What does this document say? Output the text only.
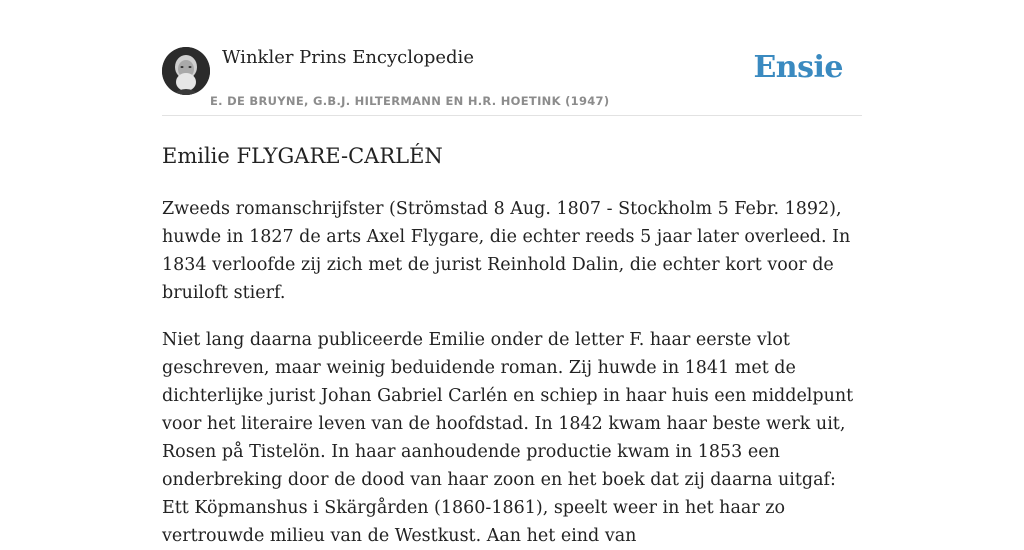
Winkler Prins Encyclopedie
E. DE BRUYNE, G.B.J. HILTERMANN EN H.R. HOETINK (1947)
Ensie
Emilie FLYGARE-CARLÉN

Zweeds romanschrijfster (Strömstad 8 Aug. 1807 - Stockholm 5 Febr. 1892), huwde in 1827 de arts Axel Flygare, die echter reeds 5 jaar later overleed. In 1834 verloofde zij zich met de jurist Reinhold Dalin, die echter kort voor de bruiloft stierf.

Niet lang daarna publiceerde Emilie onder de letter F. haar eerste vlot geschreven, maar weinig beduidende roman. Zij huwde in 1841 met de dichterlijke jurist Johan Gabriel Carlén en schiep in haar huis een middelpunt voor het literaire leven van de hoofdstad. In 1842 kwam haar beste werk uit, Rosen på Tistelön. In haar aanhoudende productie kwam in 1853 een onderbreking door de dood van haar zoon en het boek dat zij daarna uitgaf: Ett Köpmanshus i Skärgården (1860-1861), speelt weer in het haar zo vertrouwde milieu van de Westkust. Aan het eind van
